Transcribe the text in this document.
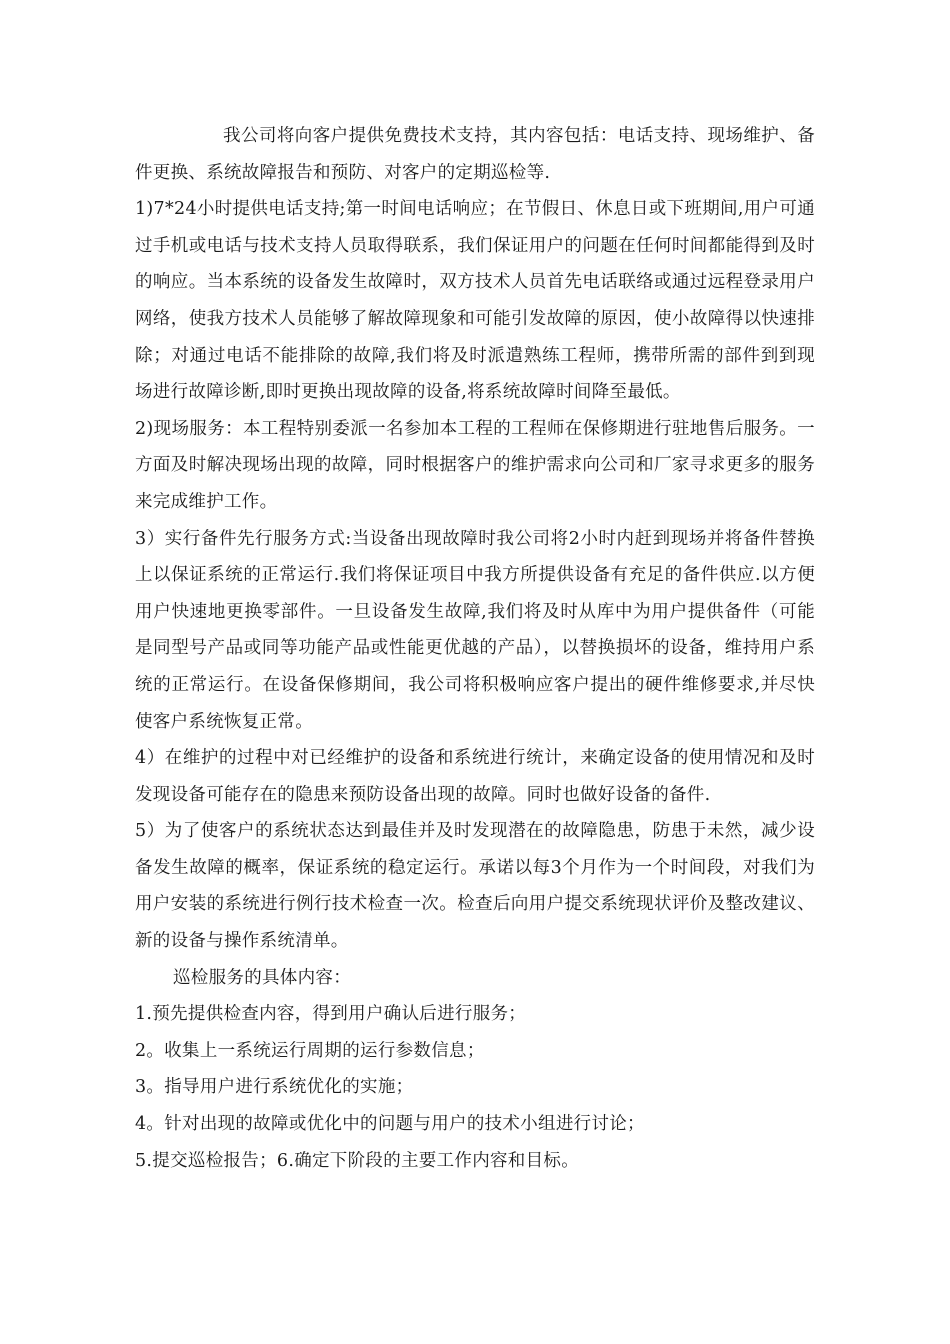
我公司将向客户提供免费技术支持，其内容包括：电话支持、现场维护、备件更换、系统故障报告和预防、对客户的定期巡检等.

1)7*24小时提供电话支持;第一时间电话响应；在节假日、休息日或下班期间,用户可通过手机或电话与技术支持人员取得联系，我们保证用户的问题在任何时间都能得到及时的响应。当本系统的设备发生故障时，双方技术人员首先电话联络或通过远程登录用户网络，使我方技术人员能够了解故障现象和可能引发故障的原因，使小故障得以快速排除；对通过电话不能排除的故障,我们将及时派遣熟练工程师，携带所需的部件到到现场进行故障诊断,即时更换出现故障的设备,将系统故障时间降至最低。

2)现场服务：本工程特别委派一名参加本工程的工程师在保修期进行驻地售后服务。一方面及时解决现场出现的故障，同时根据客户的维护需求向公司和厂家寻求更多的服务来完成维护工作。

3）实行备件先行服务方式:当设备出现故障时我公司将2小时内赶到现场并将备件替换上以保证系统的正常运行.我们将保证项目中我方所提供设备有充足的备件供应.以方便用户快速地更换零部件。一旦设备发生故障,我们将及时从库中为用户提供备件（可能是同型号产品或同等功能产品或性能更优越的产品），以替换损坏的设备，维持用户系统的正常运行。在设备保修期间，我公司将积极响应客户提出的硬件维修要求,并尽快使客户系统恢复正常。

4）在维护的过程中对已经维护的设备和系统进行统计，来确定设备的使用情况和及时发现设备可能存在的隐患来预防设备出现的故障。同时也做好设备的备件.

5）为了使客户的系统状态达到最佳并及时发现潜在的故障隐患，防患于未然，减少设备发生故障的概率，保证系统的稳定运行。承诺以每3个月作为一个时间段，对我们为用户安装的系统进行例行技术检查一次。检查后向用户提交系统现状评价及整改建议、新的设备与操作系统清单。

巡检服务的具体内容：

1.预先提供检查内容，得到用户确认后进行服务；

2。收集上一系统运行周期的运行参数信息；

3。指导用户进行系统优化的实施；

4。针对出现的故障或优化中的问题与用户的技术小组进行讨论；

5.提交巡检报告；6.确定下阶段的主要工作内容和目标。
